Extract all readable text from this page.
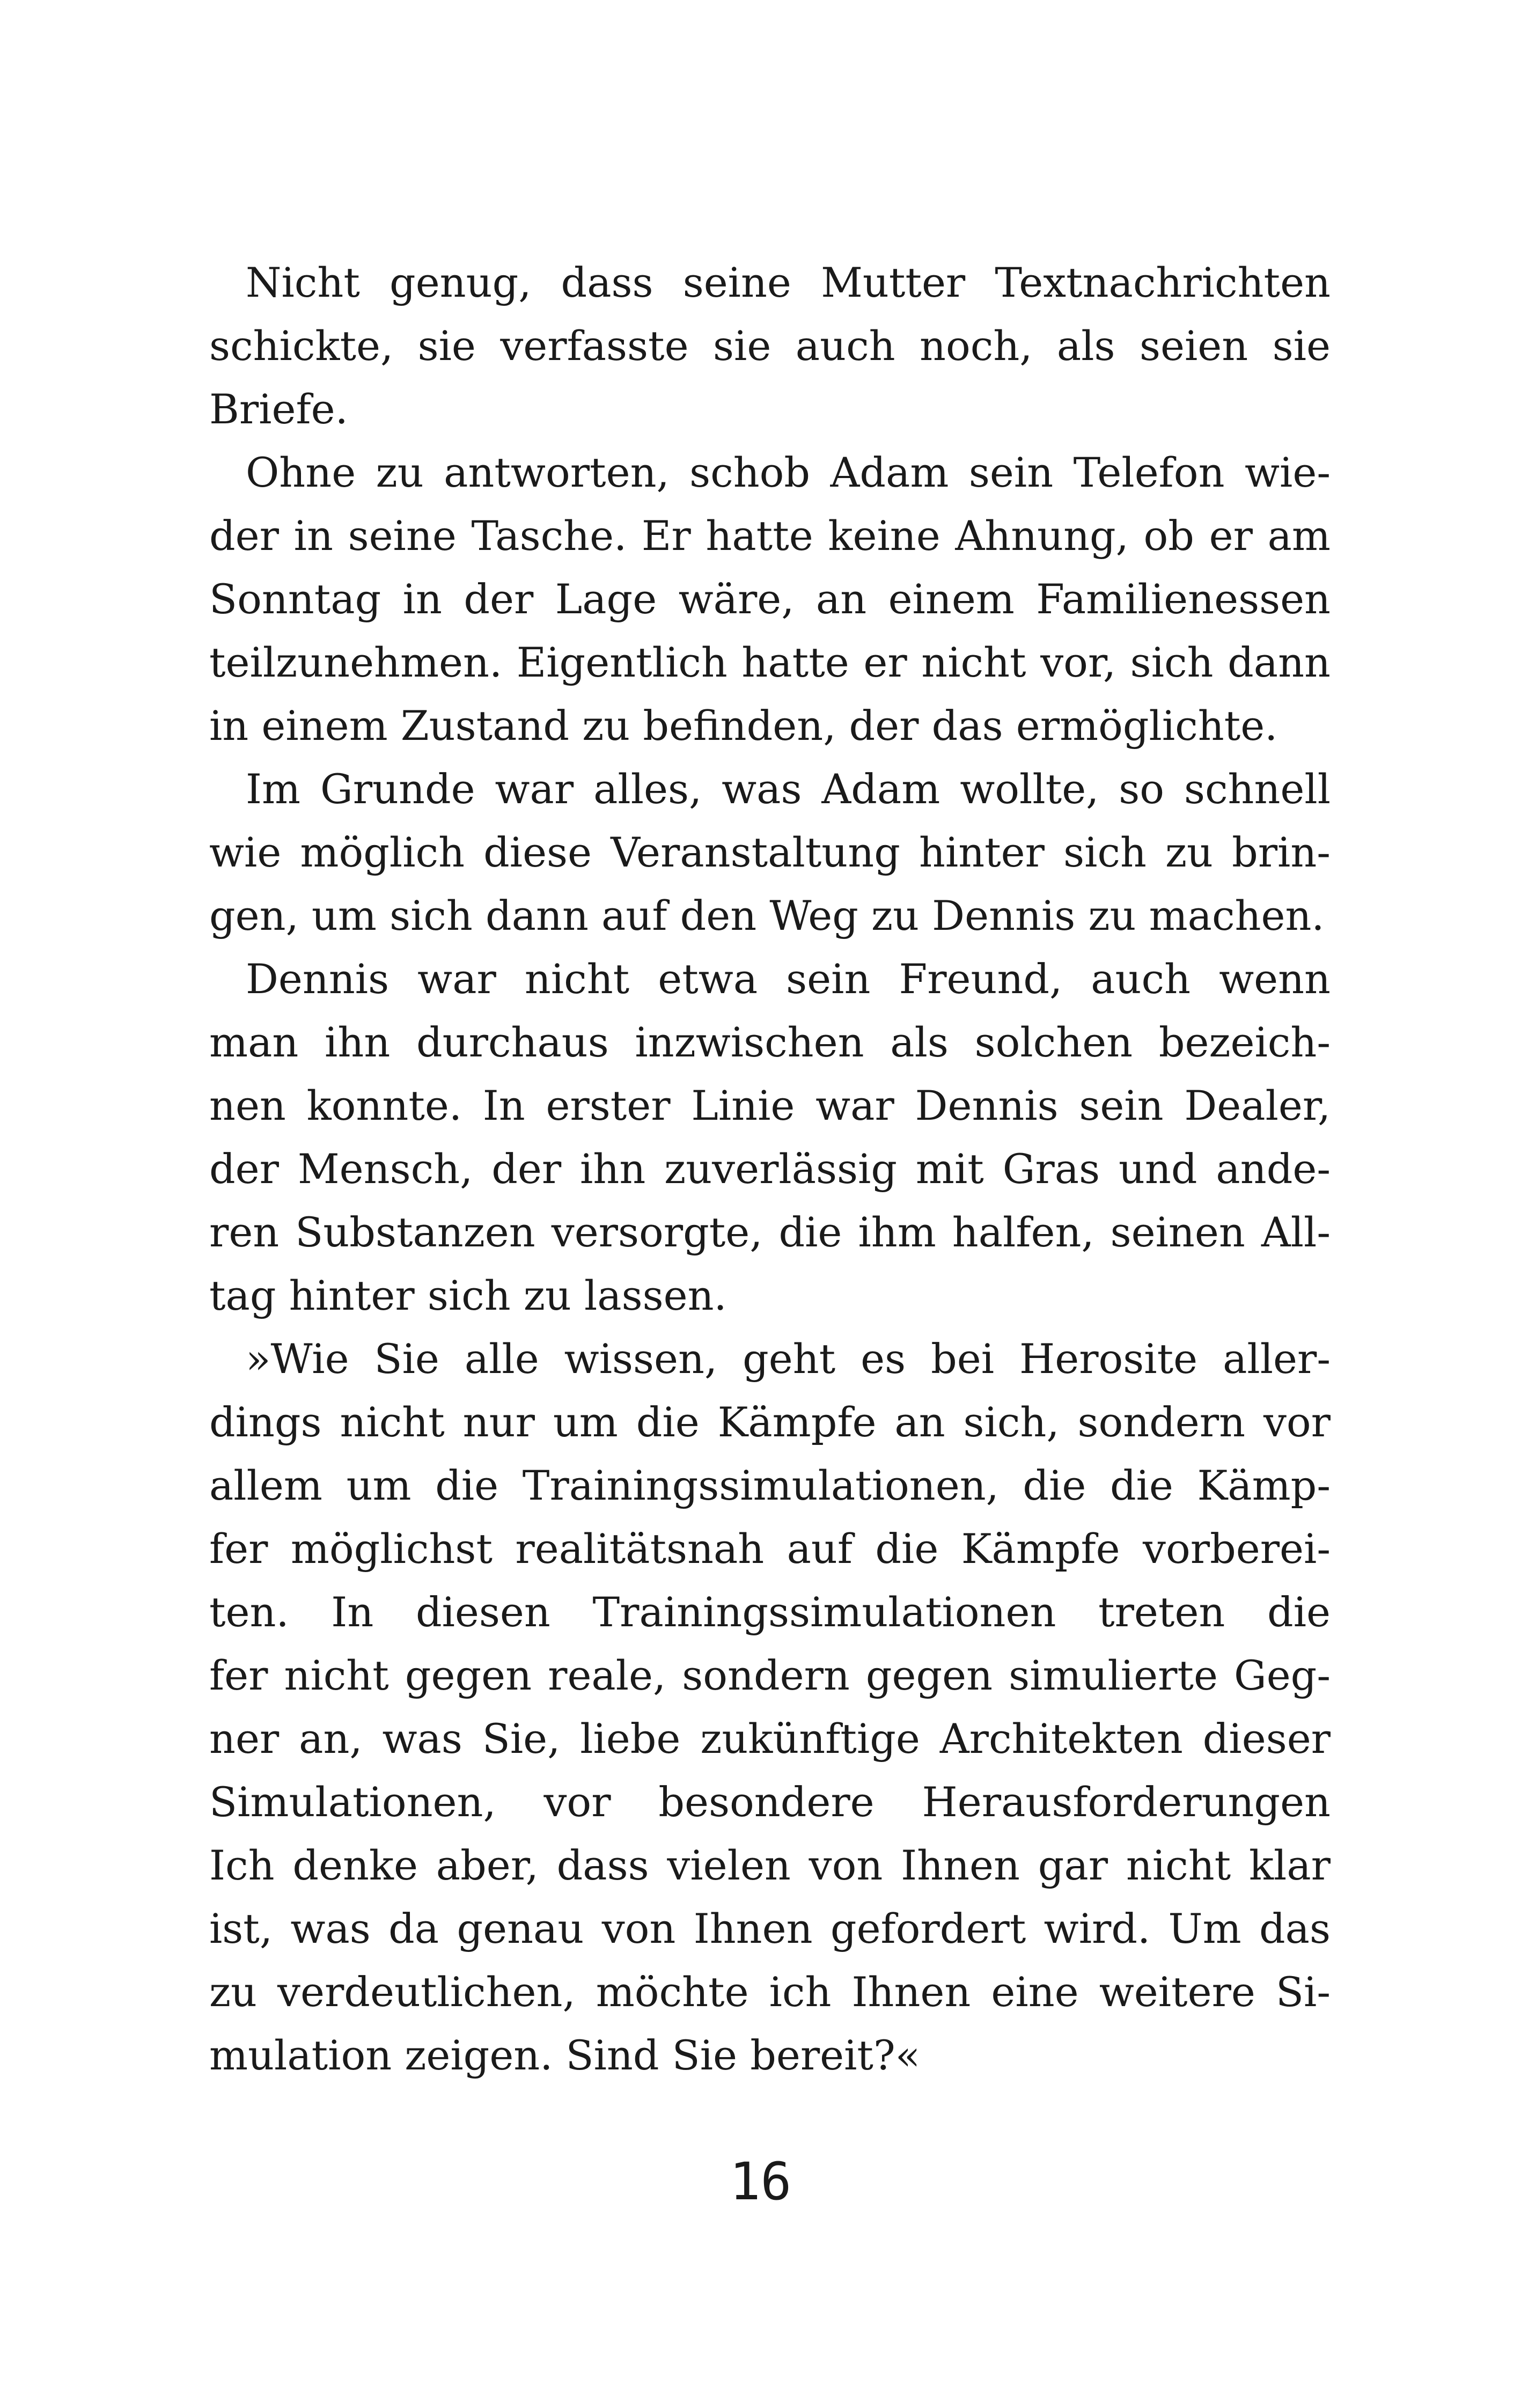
Nicht genug, dass seine Mutter Textnachrichten
schickte, sie verfasste sie auch noch, als seien sie
Briefe.
Ohne zu antworten, schob Adam sein Telefon wie-
der in seine Tasche. Er hatte keine Ahnung, ob er am
Sonntag in der Lage wäre, an einem Familienessen
teilzunehmen. Eigentlich hatte er nicht vor, sich dann
in einem Zustand zu befinden, der das ermöglichte.
Im Grunde war alles, was Adam wollte, so schnell
wie möglich diese Veranstaltung hinter sich zu brin-
gen, um sich dann auf den Weg zu Dennis zu machen.
Dennis war nicht etwa sein Freund, auch wenn
man ihn durchaus inzwischen als solchen bezeich-
nen konnte. In erster Linie war Dennis sein Dealer,
der Mensch, der ihn zuverlässig mit Gras und ande-
ren Substanzen versorgte, die ihm halfen, seinen All-
tag hinter sich zu lassen.
»Wie Sie alle wissen, geht es bei Herosite aller-
dings nicht nur um die Kämpfe an sich, sondern vor
allem um die Trainingssimulationen, die die Kämp-
fer möglichst realitätsnah auf die Kämpfe vorberei-
ten. In diesen Trainingssimulationen treten die
fer nicht gegen reale, sondern gegen simulierte Geg-
ner an, was Sie, liebe zukünftige Architekten dieser
Simulationen, vor besondere Herausforderungen
Ich denke aber, dass vielen von Ihnen gar nicht klar
ist, was da genau von Ihnen gefordert wird. Um das
zu verdeutlichen, möchte ich Ihnen eine weitere Si-
mulation zeigen. Sind Sie bereit?«
16
